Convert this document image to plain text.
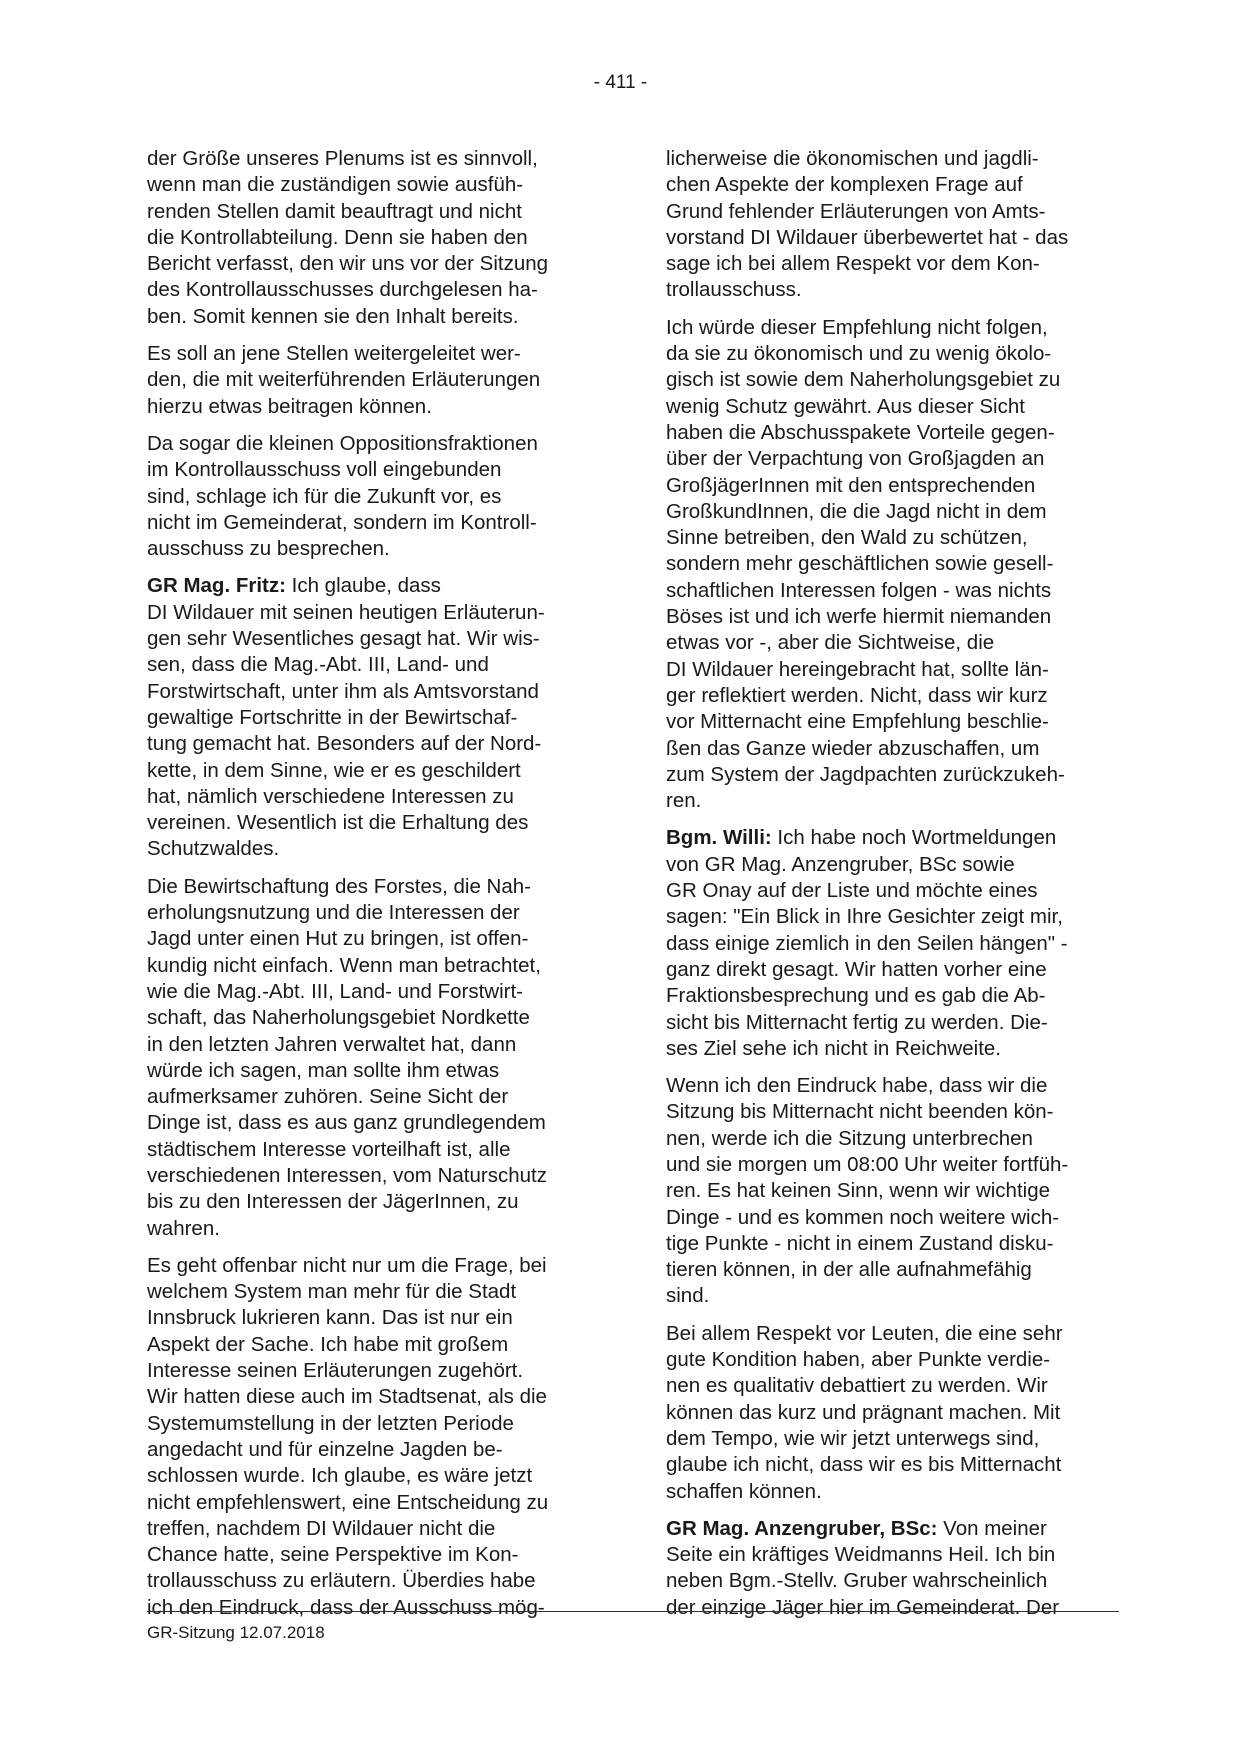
- 411 -

der Größe unseres Plenums ist es sinnvoll,
wenn man die zuständigen sowie ausfüh-
renden Stellen damit beauftragt und nicht
die Kontrollabteilung. Denn sie haben den
Bericht verfasst, den wir uns vor der Sitzung
des Kontrollausschusses durchgelesen ha-
ben. Somit kennen sie den Inhalt bereits.

Es soll an jene Stellen weitergeleitet wer-
den, die mit weiterführenden Erläuterungen
hierzu etwas beitragen können.

Da sogar die kleinen Oppositionsfraktionen
im Kontrollausschuss voll eingebunden
sind, schlage ich für die Zukunft vor, es
nicht im Gemeinderat, sondern im Kontroll-
ausschuss zu besprechen.

GR Mag. Fritz: Ich glaube, dass
DI Wildauer mit seinen heutigen Erläuterun-
gen sehr Wesentliches gesagt hat. Wir wis-
sen, dass die Mag.-Abt. III, Land- und
Forstwirtschaft, unter ihm als Amtsvorstand
gewaltige Fortschritte in der Bewirtschaf-
tung gemacht hat. Besonders auf der Nord-
kette, in dem Sinne, wie er es geschildert
hat, nämlich verschiedene Interessen zu
vereinen. Wesentlich ist die Erhaltung des
Schutzwaldes.

Die Bewirtschaftung des Forstes, die Nah-
erholungsnutzung und die Interessen der
Jagd unter einen Hut zu bringen, ist offen-
kundig nicht einfach. Wenn man betrachtet,
wie die Mag.-Abt. III, Land- und Forstwirt-
schaft, das Naherholungsgebiet Nordkette
in den letzten Jahren verwaltet hat, dann
würde ich sagen, man sollte ihm etwas
aufmerksamer zuhören. Seine Sicht der
Dinge ist, dass es aus ganz grundlegendem
städtischem Interesse vorteilhaft ist, alle
verschiedenen Interessen, vom Naturschutz
bis zu den Interessen der JägerInnen, zu
wahren.

Es geht offenbar nicht nur um die Frage, bei
welchem System man mehr für die Stadt
Innsbruck lukrieren kann. Das ist nur ein
Aspekt der Sache. Ich habe mit großem
Interesse seinen Erläuterungen zugehört.
Wir hatten diese auch im Stadtsenat, als die
Systemumstellung in der letzten Periode
angedacht und für einzelne Jagden be-
schlossen wurde. Ich glaube, es wäre jetzt
nicht empfehlenswert, eine Entscheidung zu
treffen, nachdem DI Wildauer nicht die
Chance hatte, seine Perspektive im Kon-
trollausschuss zu erläutern. Überdies habe
ich den Eindruck, dass der Ausschuss mög-

licherweise die ökonomischen und jagdli-
chen Aspekte der komplexen Frage auf
Grund fehlender Erläuterungen von Amts-
vorstand DI Wildauer überbewertet hat - das
sage ich bei allem Respekt vor dem Kon-
trollausschuss.

Ich würde dieser Empfehlung nicht folgen,
da sie zu ökonomisch und zu wenig ökolo-
gisch ist sowie dem Naherholungsgebiet zu
wenig Schutz gewährt. Aus dieser Sicht
haben die Abschusspakete Vorteile gegen-
über der Verpachtung von Großjagden an
GroßjägerInnen mit den entsprechenden
GroßkundInnen, die die Jagd nicht in dem
Sinne betreiben, den Wald zu schützen,
sondern mehr geschäftlichen sowie gesell-
schaftlichen Interessen folgen - was nichts
Böses ist und ich werfe hiermit niemanden
etwas vor -, aber die Sichtweise, die
DI Wildauer hereingebracht hat, sollte län-
ger reflektiert werden. Nicht, dass wir kurz
vor Mitternacht eine Empfehlung beschlie-
ßen das Ganze wieder abzuschaffen, um
zum System der Jagdpachten zurückzukeh-
ren.

Bgm. Willi: Ich habe noch Wortmeldungen
von GR Mag. Anzengruber, BSc sowie
GR Onay auf der Liste und möchte eines
sagen: "Ein Blick in Ihre Gesichter zeigt mir,
dass einige ziemlich in den Seilen hängen" -
ganz direkt gesagt. Wir hatten vorher eine
Fraktionsbesprechung und es gab die Ab-
sicht bis Mitternacht fertig zu werden. Die-
ses Ziel sehe ich nicht in Reichweite.

Wenn ich den Eindruck habe, dass wir die
Sitzung bis Mitternacht nicht beenden kön-
nen, werde ich die Sitzung unterbrechen
und sie morgen um 08:00 Uhr weiter fortfüh-
ren. Es hat keinen Sinn, wenn wir wichtige
Dinge - und es kommen noch weitere wich-
tige Punkte - nicht in einem Zustand disku-
tieren können, in der alle aufnahmefähig
sind.

Bei allem Respekt vor Leuten, die eine sehr
gute Kondition haben, aber Punkte verdie-
nen es qualitativ debattiert zu werden. Wir
können das kurz und prägnant machen. Mit
dem Tempo, wie wir jetzt unterwegs sind,
glaube ich nicht, dass wir es bis Mitternacht
schaffen können.

GR Mag. Anzengruber, BSc: Von meiner
Seite ein kräftiges Weidmanns Heil. Ich bin
neben Bgm.-Stellv. Gruber wahrscheinlich
der einzige Jäger hier im Gemeinderat. Der

GR-Sitzung 12.07.2018
